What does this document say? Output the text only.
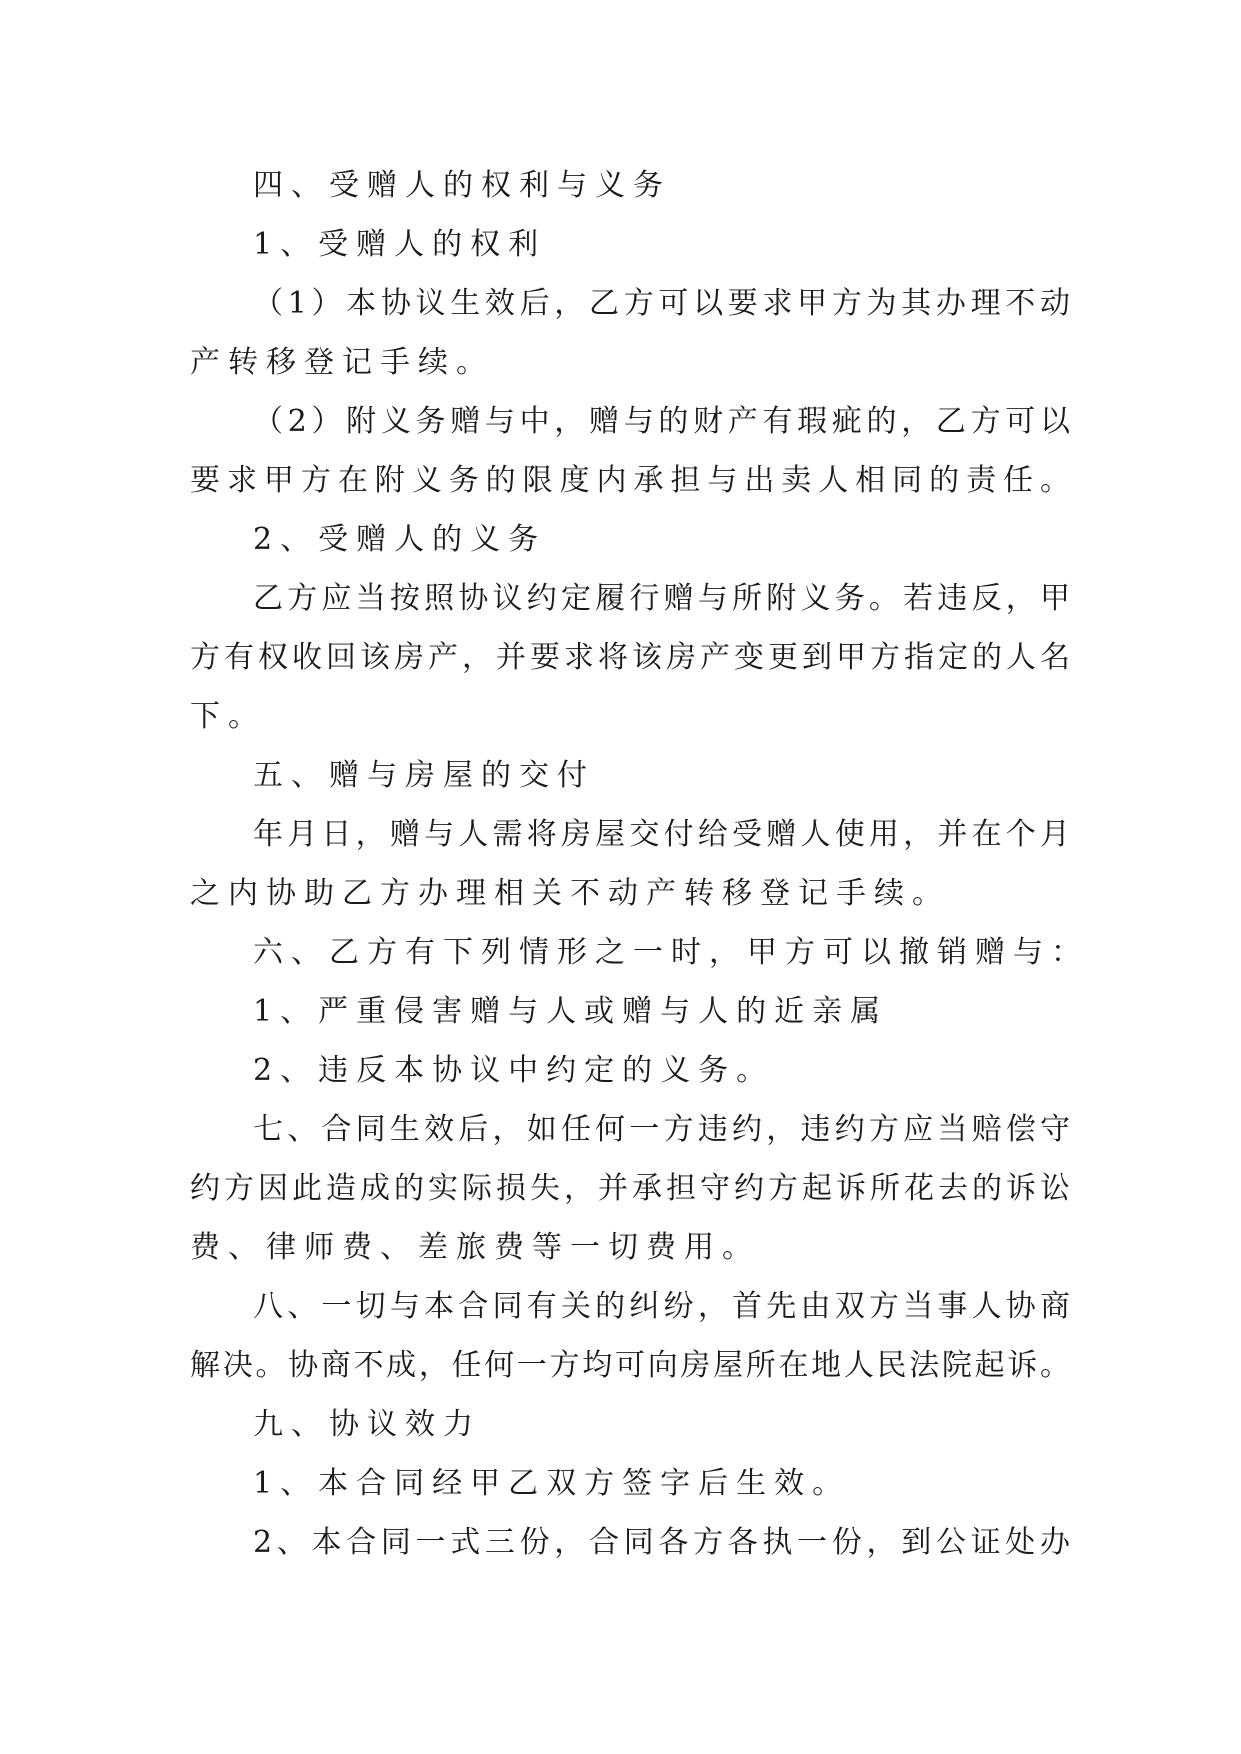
四、受赠人的权利与义务
1、受赠人的权利
（1）本协议生效后，乙方可以要求甲方为其办理不动
产转移登记手续。
（2）附义务赠与中，赠与的财产有瑕疵的，乙方可以
要求甲方在附义务的限度内承担与出卖人相同的责任。
2、受赠人的义务
乙方应当按照协议约定履行赠与所附义务。若违反，甲
方有权收回该房产，并要求将该房产变更到甲方指定的人名
下。
五、赠与房屋的交付
年月日，赠与人需将房屋交付给受赠人使用，并在个月
之内协助乙方办理相关不动产转移登记手续。
六、乙方有下列情形之一时，甲方可以撤销赠与：
1、严重侵害赠与人或赠与人的近亲属
2、违反本协议中约定的义务。
七、合同生效后，如任何一方违约，违约方应当赔偿守
约方因此造成的实际损失，并承担守约方起诉所花去的诉讼
费、律师费、差旅费等一切费用。
八、一切与本合同有关的纠纷，首先由双方当事人协商
解决。协商不成，任何一方均可向房屋所在地人民法院起诉。
九、协议效力
1、本合同经甲乙双方签字后生效。
2、本合同一式三份，合同各方各执一份，到公证处办
